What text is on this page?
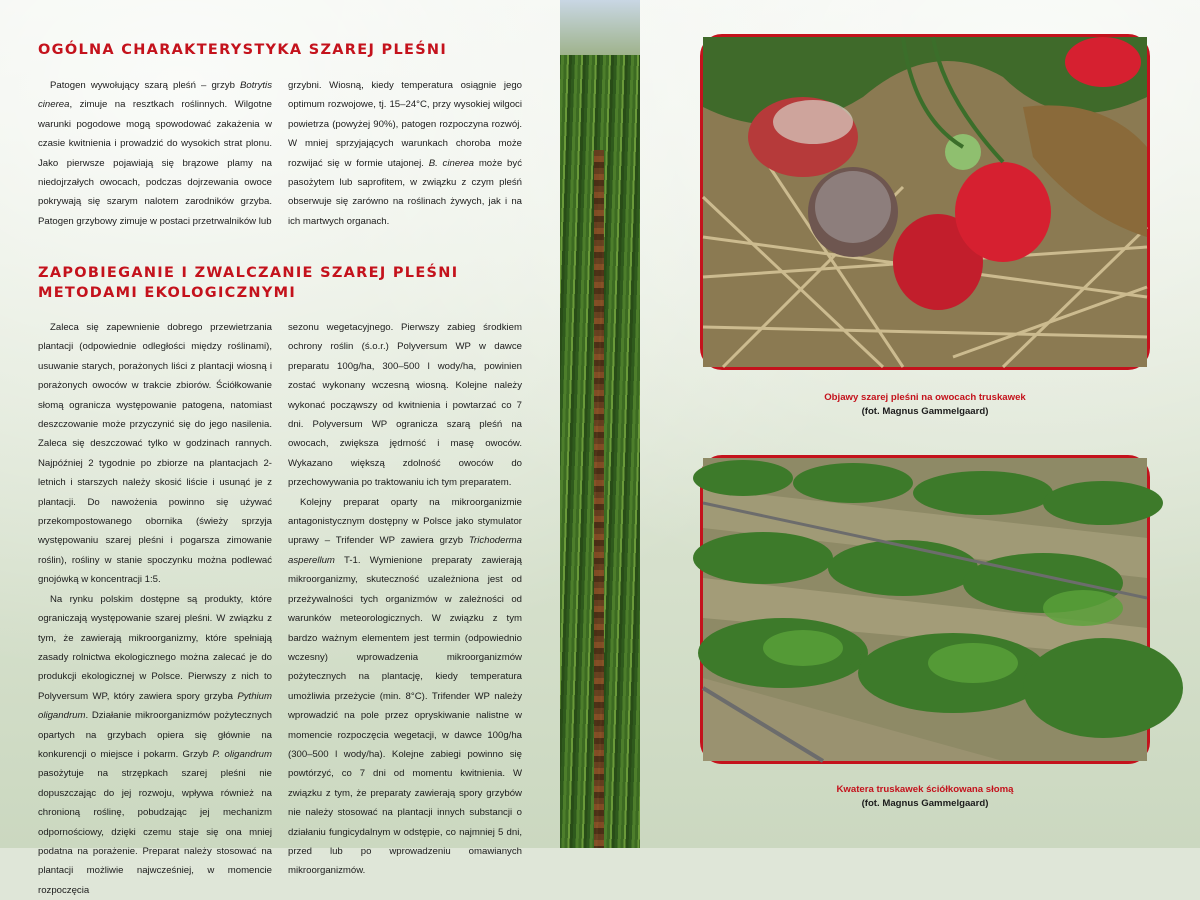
OGÓLNA CHARAKTERYSTYKA SZAREJ PLEŚNI

Patogen wywołujący szarą pleśń – grzyb Botrytis cinerea, zimuje na resztkach roślinnych. Wilgotne warunki pogodowe mogą spowodować zakażenia w czasie kwitnienia i prowadzić do wysokich strat plonu. Jako pierwsze pojawiają się brązowe plamy na niedojrzałych owocach, podczas dojrzewania owoce pokrywają się szarym nalotem zarodników grzyba. Patogen grzybowy zimuje w postaci przetrwalników lub

grzybni. Wiosną, kiedy temperatura osiągnie jego optimum rozwojowe, tj. 15–24°C, przy wysokiej wilgoci powietrza (powyżej 90%), patogen rozpoczyna rozwój. W mniej sprzyjających warunkach choroba może rozwijać się w formie utajonej. B. cinerea może być pasożytem lub saprofitem, w związku z czym pleśń obserwuje się zarówno na roślinach żywych, jak i na ich martwych organach.

ZAPOBIEGANIE I ZWALCZANIE SZAREJ PLEŚNI
METODAMI EKOLOGICZNYMI

Zaleca się zapewnienie dobrego przewietrzania plantacji (odpowiednie odległości między roślinami), usuwanie starych, porażonych liści z plantacji wiosną i porażonych owoców w trakcie zbiorów. Ściółkowanie słomą ogranicza występowanie patogena, natomiast deszczowanie może przyczynić się do jego nasilenia. Zaleca się deszczować tylko w godzinach rannych. Najpóźniej 2 tygodnie po zbiorze na plantacjach 2-letnich i starszych należy skosić liście i usunąć je z plantacji. Do nawożenia powinno się używać przekompostowanego obornika (świeży sprzyja występowaniu szarej pleśni i pogarsza zimowanie roślin), rośliny w stanie spoczynku można podlewać gnojówką w koncentracji 1:5.

Na rynku polskim dostępne są produkty, które ograniczają występowanie szarej pleśni. W związku z tym, że zawierają mikroorganizmy, które spełniają zasady rolnictwa ekologicznego można zalecać je do produkcji ekologicznej w Polsce. Pierwszy z nich to Polyversum WP, który zawiera spory grzyba Pythium oligandrum. Działanie mikroorganizmów pożytecznych opartych na grzybach opiera się głównie na konkurencji o miejsce i pokarm. Grzyb P. oligandrum pasożytuje na strzępkach szarej pleśni nie dopuszczając do jej rozwoju, wpływa również na chronioną roślinę, pobudzając jej mechanizm odpornościowy, dzięki czemu staje się ona mniej podatna na porażenie. Preparat należy stosować na plantacji możliwie najwcześniej, w momencie rozpoczęcia

sezonu wegetacyjnego. Pierwszy zabieg środkiem ochrony roślin (ś.o.r.) Polyversum WP w dawce preparatu 100g/ha, 300–500 l wody/ha, powinien zostać wykonany wczesną wiosną. Kolejne należy wykonać począwszy od kwitnienia i powtarzać co 7 dni. Polyversum WP ogranicza szarą pleśń na owocach, zwiększa jędrność i masę owoców. Wykazano większą zdolność owoców do przechowywania po traktowaniu ich tym preparatem.

Kolejny preparat oparty na mikroorganizmie antagonistycznym dostępny w Polsce jako stymulator uprawy – Trifender WP zawiera grzyb Trichoderma asperellum T-1. Wymienione preparaty zawierają mikroorganizmy, skuteczność uzależniona jest od przeżywalności tych organizmów w zależności od warunków meteorologicznych. W związku z tym bardzo ważnym elementem jest termin (odpowiednio wczesny) wprowadzenia mikroorganizmów pożytecznych na plantację, kiedy temperatura umożliwia przeżycie (min. 8°C). Trifender WP należy wprowadzić na pole przez opryskiwanie nalistne w momencie rozpoczęcia wegetacji, w dawce 100g/ha (300–500 l wody/ha). Kolejne zabiegi powinno się powtórzyć, co 7 dni od momentu kwitnienia. W związku z tym, że preparaty zawierają spory grzybów nie należy stosować na plantacji innych substancji o działaniu fungicydalnym w odstępie, co najmniej 5 dni, przed lub po wprowadzeniu omawianych mikroorganizmów.

Objawy szarej pleśni na owocach truskawek
(fot. Magnus Gammelgaard)
Kwatera truskawek ściółkowana słomą
(fot. Magnus Gammelgaard)
